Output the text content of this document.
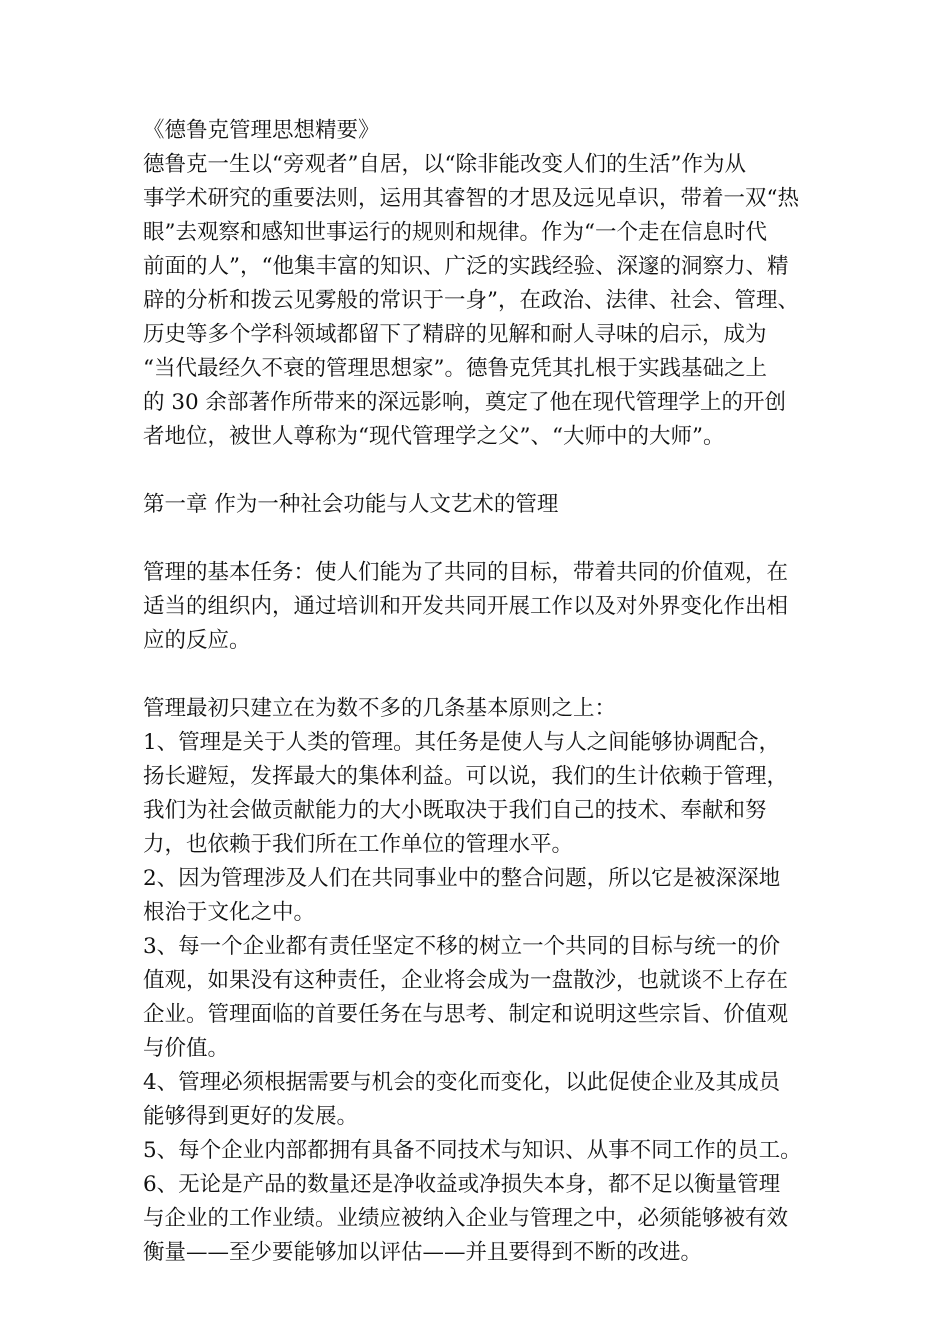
《德鲁克管理思想精要》

德鲁克一生以“旁观者”自居，以“除非能改变人们的生活”作为从

事学术研究的重要法则，运用其睿智的才思及远见卓识，带着一双“热

眼”去观察和感知世事运行的规则和规律。作为“一个走在信息时代

前面的人”，“他集丰富的知识、广泛的实践经验、深邃的洞察力、精

辟的分析和拨云见雾般的常识于一身”，在政治、法律、社会、管理、

历史等多个学科领域都留下了精辟的见解和耐人寻味的启示，成为

“当代最经久不衰的管理思想家”。德鲁克凭其扎根于实践基础之上

的 30 余部著作所带来的深远影响，奠定了他在现代管理学上的开创

者地位，被世人尊称为“现代管理学之父”、“大师中的大师”。

第一章 作为一种社会功能与人文艺术的管理

管理的基本任务：使人们能为了共同的目标，带着共同的价值观，在

适当的组织内，通过培训和开发共同开展工作以及对外界变化作出相

应的反应。

管理最初只建立在为数不多的几条基本原则之上：

1、管理是关于人类的管理。其任务是使人与人之间能够协调配合，

扬长避短，发挥最大的集体利益。可以说，我们的生计依赖于管理，

我们为社会做贡献能力的大小既取决于我们自己的技术、奉献和努

力，也依赖于我们所在工作单位的管理水平。

2、因为管理涉及人们在共同事业中的整合问题，所以它是被深深地

根治于文化之中。

3、每一个企业都有责任坚定不移的树立一个共同的目标与统一的价

值观，如果没有这种责任，企业将会成为一盘散沙，也就谈不上存在

企业。管理面临的首要任务在与思考、制定和说明这些宗旨、价值观

与价值。

4、管理必须根据需要与机会的变化而变化，以此促使企业及其成员

能够得到更好的发展。

5、每个企业内部都拥有具备不同技术与知识、从事不同工作的员工。

6、无论是产品的数量还是净收益或净损失本身，都不足以衡量管理

与企业的工作业绩。业绩应被纳入企业与管理之中，必须能够被有效

衡量——至少要能够加以评估——并且要得到不断的改进。
